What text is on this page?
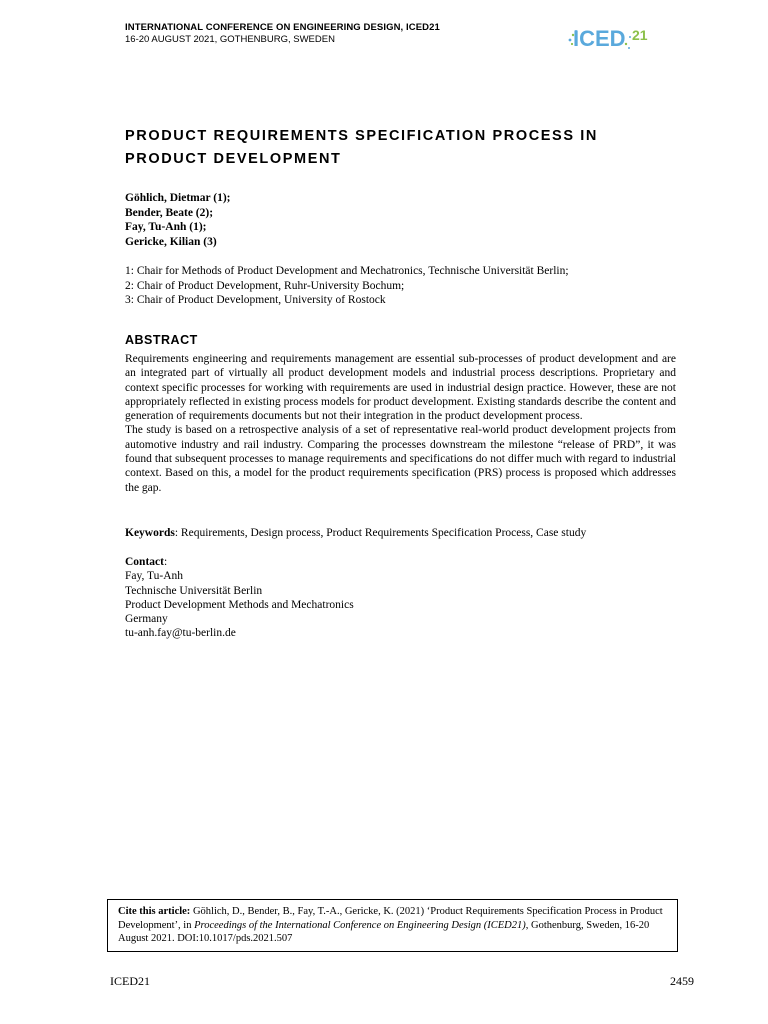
INTERNATIONAL CONFERENCE ON ENGINEERING DESIGN, ICED21
16-20 AUGUST 2021, GOTHENBURG, SWEDEN	ICED 21
PRODUCT REQUIREMENTS SPECIFICATION PROCESS IN
PRODUCT DEVELOPMENT
Göhlich, Dietmar (1);
Bender, Beate (2);
Fay, Tu-Anh (1);
Gericke, Kilian (3)
1: Chair for Methods of Product Development and Mechatronics, Technische Universität Berlin;
2: Chair of Product Development, Ruhr-University Bochum;
3: Chair of Product Development, University of Rostock
ABSTRACT

Requirements engineering and requirements management are essential sub-processes of product development and are an integrated part of virtually all product development models and industrial process descriptions. Proprietary and context specific processes for working with requirements are used in industrial design practice. However, these are not appropriately reflected in existing process models for product development. Existing standards describe the content and generation of requirements documents but not their integration in the product development process.

The study is based on a retrospective analysis of a set of representative real-world product development projects from automotive industry and rail industry. Comparing the processes downstream the milestone “release of PRD”, it was found that subsequent processes to manage requirements and specifications do not differ much with regard to industrial context. Based on this, a model for the product requirements specification (PRS) process is proposed which addresses the gap.

Keywords: Requirements, Design process, Product Requirements Specification Process, Case study
Contact:
Fay, Tu-Anh
Technische Universität Berlin
Product Development Methods and Mechatronics
Germany
tu-anh.fay@tu-berlin.de
Cite this article: Göhlich, D., Bender, B., Fay, T.-A., Gericke, K. (2021) ‘Product Requirements Specification Process in Product Development’, in Proceedings of the International Conference on Engineering Design (ICED21), Gothenburg, Sweden, 16-20 August 2021. DOI:10.1017/pds.2021.507
ICED21	2459
